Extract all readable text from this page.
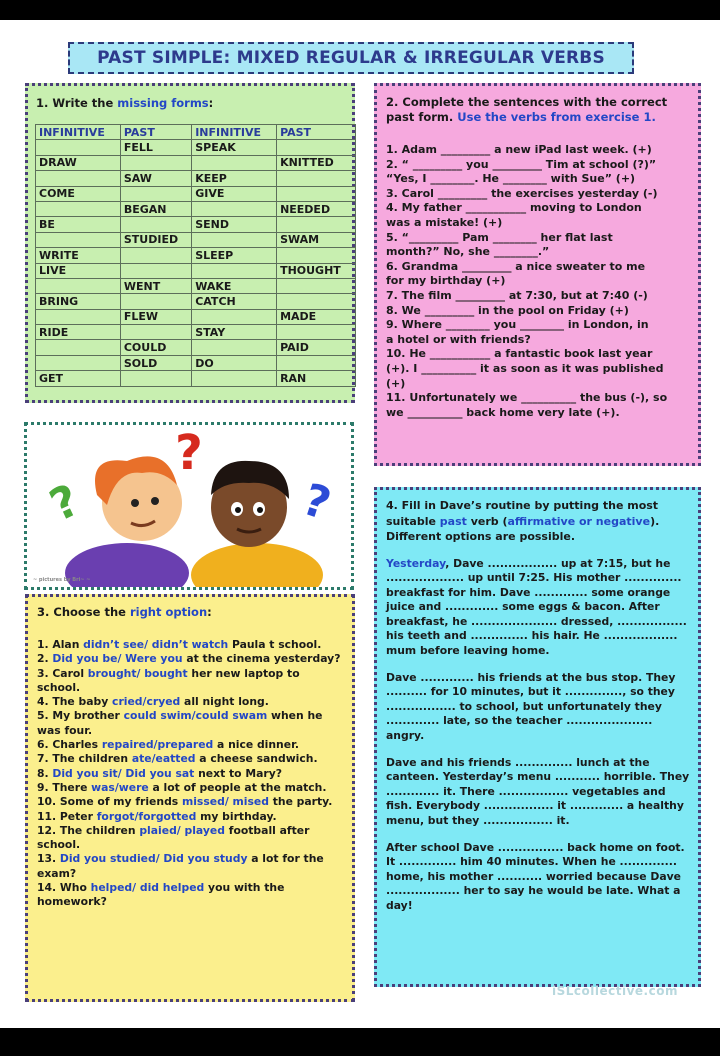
PAST SIMPLE: MIXED REGULAR & IRREGULAR VERBS
1. Write the missing forms:
INFINITIVE	PAST	INFINITIVE	PAST
	FELL	SPEAK	
DRAW			KNITTED
	SAW	KEEP	
COME		GIVE	
	BEGAN		NEEDED
BE		SEND	
	STUDIED		SWAM
WRITE		SLEEP	
LIVE			THOUGHT
	WENT	WAKE	
BRING		CATCH	
	FLEW		MADE
RIDE		STAY	
	COULD		PAID
	SOLD	DO	
GET			RAN
2. Complete the sentences with the correct past form. Use the verbs from exercise 1.

1. Adam _________ a new iPad last week. (+)

2. “ _________ you _________ Tim at school (?)”

“Yes, I ________. He ________ with Sue” (+)

3. Carol _________ the exercises yesterday (-)

4. My father ___________ moving to London

was a mistake! (+)

5. “_________ Pam ________ her flat last

month?” No, she ________.”

6. Grandma _________ a nice sweater to me

for my birthday (+)

7. The film _________ at 7:30, but at 7:40 (-)

8. We _________ in the pool on Friday (+)

9. Where ________ you ________ in London, in

a hotel or with friends?

10. He ___________ a fantastic book last year

(+). I __________ it as soon as it was published

(+)

11. Unfortunately we __________ the bus (-), so

we __________ back home very late (+).

?
?	?
~ pictures by Bri~ ~
3. Choose the right option:

1. Alan didn’t see/ didn’t watch Paula t school.

2. Did you be/ Were you at the cinema yesterday?

3. Carol brought/ bought her new laptop to school.

4. The baby cried/cryed all night long.

5. My brother could swim/could swam when he was four.

6. Charles repaired/prepared a nice dinner.

7. The children ate/eatted a cheese sandwich.

8. Did you sit/ Did you sat next to Mary?

9. There was/were a lot of people at the match.

10. Some of my friends missed/ mised the party.

11. Peter forgot/forgotted my birthday.

12. The children plaied/ played football after school.

13. Did you studied/ Did you study a lot for the exam?

14. Who helped/ did helped you with the homework?

4. Fill in Dave’s routine by putting the most suitable past verb (affirmative or negative). Different options are possible.

Yesterday, Dave ................. up at 7:15, but he ................... up until 7:25. His mother .............. breakfast for him. Dave ............. some orange juice and ............. some eggs & bacon. After breakfast, he ..................... dressed, ................. his teeth and .............. his hair. He .................. mum before leaving home.

Dave ............. his friends at the bus stop. They .......... for 10 minutes, but it .............., so they ................. to school, but unfortunately they ............. late, so the teacher ..................... angry.

Dave and his friends .............. lunch at the canteen. Yesterday’s menu ........... horrible. They ............. it. There ................. vegetables and fish. Everybody ................. it ............. a healthy menu, but they ................. it.

After school Dave ................ back home on foot. It .............. him 40 minutes. When he .............. home, his mother ........... worried because Dave .................. her to say he would be late. What a day!

iSLcollective.com
